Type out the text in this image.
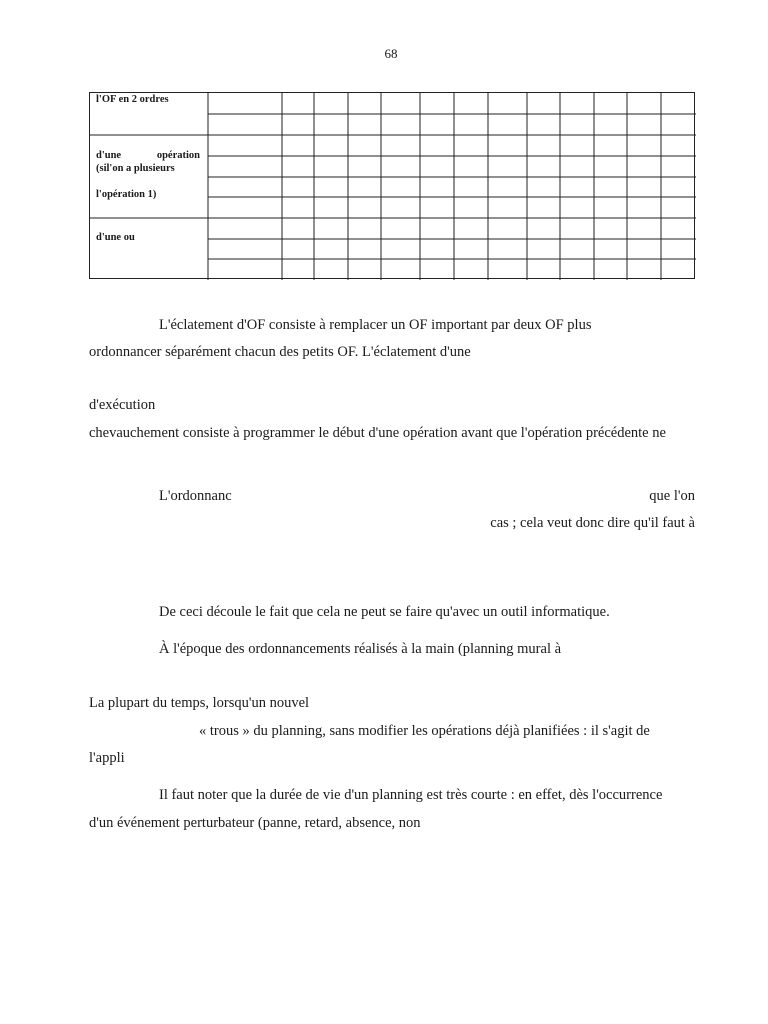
68
l'OF en 2 ordres
d'une	opération
(sil'on a plusieurs
l'opération 1)
d'une ou
L'éclatement d'OF consiste à remplacer un OF important par deux OF plus
ordonnancer séparément chacun des petits OF. L'éclatement d'une
d'exécution
chevauchement consiste à programmer le début d'une opération avant que l'opération précédente ne
L'ordonnanc	que l'on
cas ; cela veut donc dire qu'il faut à
De ceci découle le fait que cela ne peut se faire qu'avec un outil informatique.
À l'époque des ordonnancements réalisés à la main (planning mural à
La plupart du temps, lorsqu'un nouvel
« trous » du planning, sans modifier les opérations déjà planifiées : il s'agit de
l'appli
Il faut noter que la durée de vie d'un planning est très courte : en effet, dès l'occurrence
d'un événement perturbateur (panne, retard, absence, non
